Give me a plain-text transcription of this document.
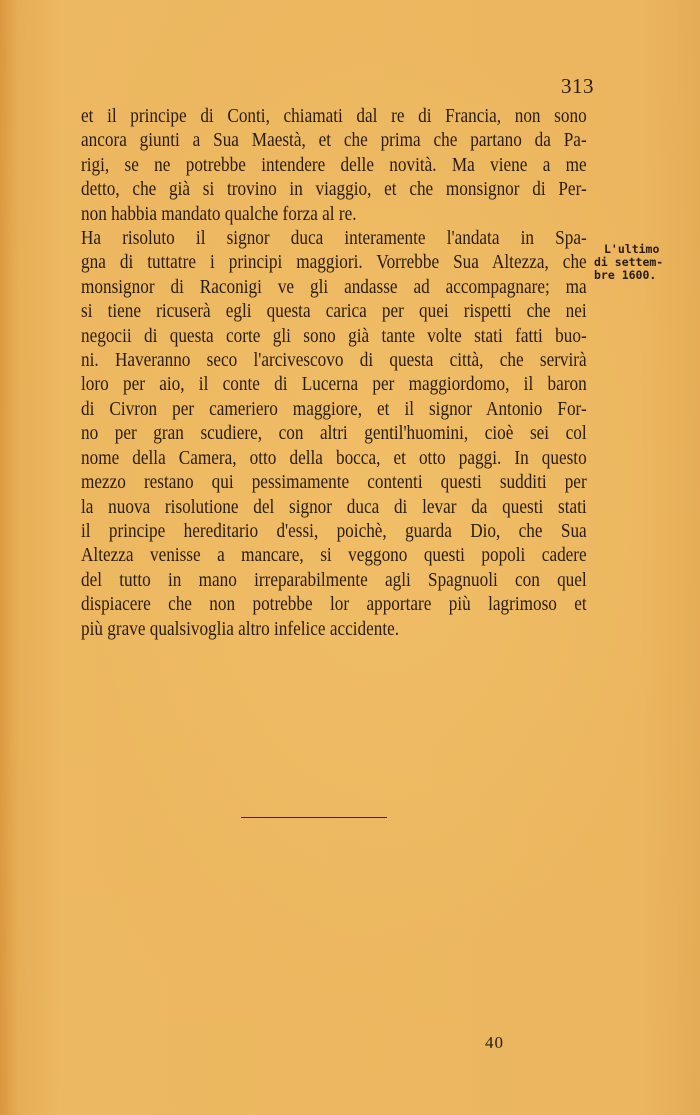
313
et il principe di Conti, chiamati dal re di Francia, non sono
ancora giunti a Sua Maestà, et che prima che partano da Pa-
rigi, se ne potrebbe intendere delle novità. Ma viene a me
detto, che già si trovino in viaggio, et che monsignor di Per-
non habbia mandato qualche forza al re.
Ha risoluto il signor duca interamente l'andata in Spa-
gna di tuttatre i principi maggiori. Vorrebbe Sua Altezza, che
monsignor di Raconigi ve gli andasse ad accompagnare; ma
si tiene ricuserà egli questa carica per quei rispetti che nei
negocii di questa corte gli sono già tante volte stati fatti buo-
ni. Haveranno seco l'arcivescovo di questa città, che servirà
loro per aio, il conte di Lucerna per maggiordomo, il baron
di Civron per cameriero maggiore, et il signor Antonio For-
no per gran scudiere, con altri gentil'huomini, cioè sei col
nome della Camera, otto della bocca, et otto paggi. In questo
mezzo restano qui pessimamente contenti questi sudditi per
la nuova risolutione del signor duca di levar da questi stati
il principe hereditario d'essi, poichè, guarda Dio, che Sua
Altezza venisse a mancare, si veggono questi popoli cadere
del tutto in mano irreparabilmente agli Spagnuoli con quel
dispiacere che non potrebbe lor apportare più lagrimoso et
più grave qualsivoglia altro infelice accidente.
L'ultimo
di settem-
bre 1600.
40
